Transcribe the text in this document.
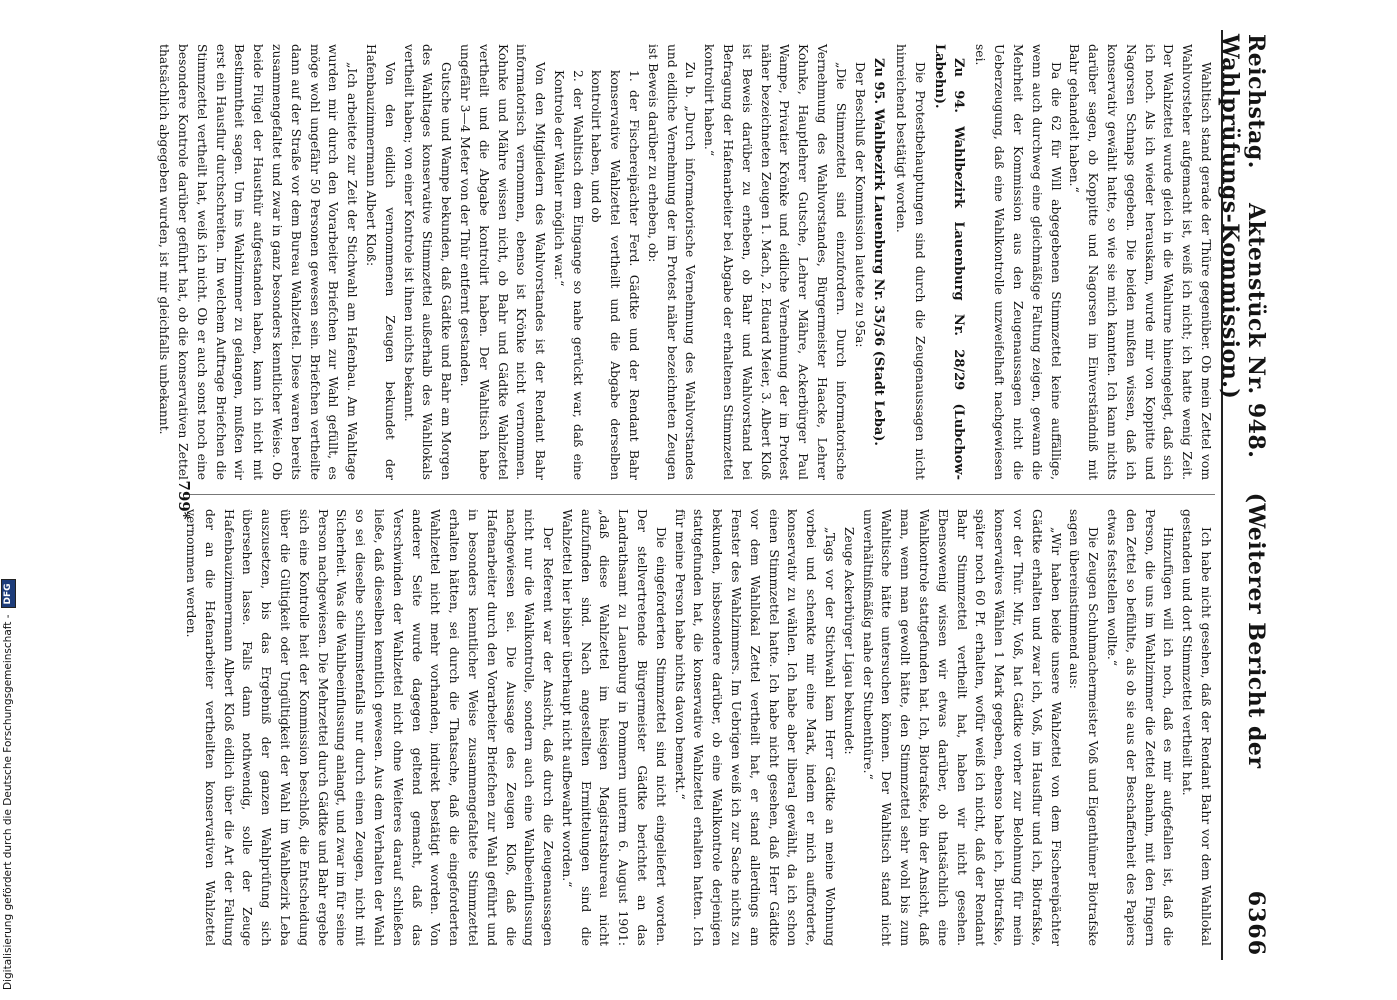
Reichstag. Aktenstück Nr. 948. (Weiterer Bericht der Wahlprüfungs-Kommission.)
6366

Wahltisch stand gerade der Thüre gegenüber. Ob mein Zettel vom Wahlvorsteher aufgemacht ist, weiß ich nicht; ich hatte wenig Zeit. Der Wahlzettel wurde gleich in die Wahlurne hineingelegt, daß sich ich noch. Als ich wieder herauskam, wurde mir von Koppitte und Nagorsen Schnaps gegeben. Die beiden mußten wissen, daß ich konservativ gewählt hatte, so wie sie mich kannten. Ich kann nichts darüber sagen, ob Koppitte und Nagorsen im Einverständniß mit Bahr gehandelt haben.“

Da die 62 für Will abgegebenen Stimmzettel keine auffällige, wenn auch durchweg eine gleichmäßige Faltung zeigen, gewann die Mehrheit der Kommission aus den Zeugenaussagen nicht die Ueberzeugung, daß eine Wahlkontrolle unzweifelhaft nachgewiesen sei.

Zu 94. Wahlbezirk Lauenburg Nr. 28/29 (Lubchow-Labehn).

Die Protestbehauptungen sind durch die Zeugenaussagen nicht hinreichend bestätigt worden.

Zu 95. Wahlbezirk Lauenburg Nr. 35/36 (Stadt Leba).

Der Beschluß der Kommission lautete zu 95a:

„Die Stimmzettel sind einzufordern. Durch informatorische Vernehmung des Wahlvorstandes, Bürgermeister Haacke, Lehrer Kohnke, Hauptlehrer Gutsche, Lehrer Mähre, Ackerbürger Paul Wampe, Privatier Krönke und eidliche Vernehmung der im Protest näher bezeichneten Zeugen 1. Mach, 2. Eduard Meier, 3. Albert Kloß ist Beweis darüber zu erheben, ob Bahr und Wahlvorstand bei Befragung der Hafenarbeiter bei Abgabe der erhaltenen Stimmzettel kontrolirt haben.“

Zu b. „Durch informatorische Vernehmung des Wahlvorstandes und eidliche Vernehmung der im Protest näher bezeichneten Zeugen ist Beweis darüber zu erheben, ob:

1. der Fischereipächter Ferd. Gädtke und der Rendant Bahr konservative Wahlzettel vertheilt und die Abgabe derselben kontrolirt haben, und ob

2. der Wahltisch dem Eingange so nahe gerückt war, daß eine Kontrole der Wähler möglich war.“

Von den Mitgliedern des Wahlvorstandes ist der Rendant Bahr informatorisch vernommen, ebenso ist Krönke nicht vernommen. Kohnke und Mähre wissen nicht, ob Bahr und Gädtke Wahlzettel vertheilt und die Abgabe kontrolirt haben. Der Wahltisch habe ungefähr 3—4 Meter von der Thür entfernt gestanden.

Gutsche und Wampe bekunden, daß Gädtke und Bahr am Morgen des Wahltages konservative Stimmzettel außerhalb des Wahllokals vertheilt haben; von einer Kontrole ist ihnen nichts bekannt.

Von den eidlich vernommenen Zeugen bekundet der Hafenbauzimmermann Albert Kloß:

„Ich arbeitete zur Zeit der Stichwahl am Hafenbau. Am Wahltage wurden mir durch den Vorarbeiter Briefchen zur Wahl gefüllt, es möge wohl ungefähr 50 Personen gewesen sein. Briefchen vertheilte dann auf der Straße vor dem Bureau Wahlzettel. Diese waren bereits zusammengefaltet und zwar in ganz besonders kenntlicher Weise. Ob beide Flügel der Hausthür aufgestanden haben, kann ich nicht mit Bestimmtheit sagen. Um ins Wahlzimmer zu gelangen, mußten wir erst ein Hausflur durchschreiten. Im welchem Auftrage Briefchen die Stimmzettel vertheilt hat, weiß ich nicht. Ob er auch sonst noch eine besondere Kontrole darüber geführt hat, ob die konservativen Zettel thatsächlich abgegeben wurden, ist mir gleichfalls unbekannt.

Ich habe nicht gesehen, daß der Rendant Bahr vor dem Wahllokal gestanden und dort Stimmzettel vertheilt hat.

Hinzufügen will ich noch, daß es mir aufgefallen ist, daß die Person, die uns im Wahlzimmer die Zettel abnahm, mit den Fingern den Zettel so befühlte, als ob sie aus der Beschaffenheit des Papiers etwas feststellen wollte.“

Die Zeugen Schuhmachermeister Voß und Eigenthümer Biotrafske sagen übereinstimmend aus:

„Wir haben beide unsere Wahlzettel von dem Fischereipächter Gädtke erhalten und zwar ich, Voß, im Hausflur und ich, Biotrafske, vor der Thür. Mir, Voß, hat Gädtke vorher zur Belohnung für mein konservatives Wählen 1 Mark gegeben, ebenso habe ich, Biotrafske, später noch 60 Pf. erhalten, wofür weiß ich nicht, daß der Rendant Bahr Stimmzettel vertheilt hat, haben wir nicht gesehen. Ebensowenig wissen wir etwas darüber, ob thatsächlich eine Wahlkontrole stattgefunden hat. Ich, Biotrafske, bin der Ansicht, daß man, wenn man gewollt hätte, den Stimmzettel sehr wohl bis zum Wahltische hätte untersuchen können. Der Wahltisch stand nicht unverhältnißmäßig nahe der Stubenthüre.“

Zeuge Ackerbürger Ligau bekundet:

„Tags vor der Stichwahl kam Herr Gädtke an meine Wohnung vorbei und schenkte mir eine Mark, indem er mich aufforderte, konservativ zu wählen. Ich habe aber liberal gewählt, da ich schon einen Stimmzettel hatte. Ich habe nicht gesehen, daß Herr Gädtke vor dem Wahllokal Zettel vertheilt hat, er stand allerdings am Fenster des Wahlzimmers. Im Uebrigen weiß ich zur Sache nichts zu bekunden, insbesondere darüber, ob eine Wahlkontrole derjenigen stattgefunden hat, die konservative Wahlzettel erhalten hatten. Ich für meine Person habe nichts davon bemerkt.“

Die eingeforderten Stimmzettel sind nicht eingeliefert worden. Der stellvertretende Bürgermeister Gädtke berichtet an das Landrathsamt zu Lauenburg in Pommern unterm 6. August 1901: „daß diese Wahlzettel im hiesigen Magistratsbureau nicht aufzufinden sind. Nach angestellten Ermittelungen sind die Wahlzettel hier bisher überhaupt nicht aufbewahrt worden.“

Der Referent war der Ansicht, daß durch die Zeugenaussagen nicht nur die Wahlkontrolle, sondern auch eine Wahlbeeinflussung nachgewiesen sei. Die Aussage des Zeugen Kloß, daß die Hafenarbeiter durch den Vorarbeiter Briefchen zur Wahl geführt und in besonders kenntlicher Weise zusammengefaltete Stimmzettel erhalten hätten, sei durch die Thatsache, daß die eingeforderten Wahlzettel nicht mehr vorhanden, indirekt bestätigt worden. Von anderer Seite wurde dagegen geltend gemacht, daß das Verschwinden der Wahlzettel nicht ohne Weiteres darauf schließen ließe, daß dieselben kenntlich gewesen. Aus dem Verhalten der Wahl so sei dieselbe schlimmstenfalls nur durch einen Zeugen, nicht mit Sicherheit. Was die Wahlbeeinflussung anlangt, und zwar im für seine Person nachgewiesen. Die Mehrzettel durch Gädtke und Bahr ergebe sich eine Kontrolle heit der Kommission beschloß, die Entscheidung über die Gültigkeit oder Ungültigkeit der Wahl im Wahlbezirk Leba auszusetzen, bis das Ergebniß der ganzen Wahlprüfung sich übersehen lasse. Falls dann nothwendig, solle der Zeuge Hafenbauzimmermann Albert Kloß eidlich über die Art der Faltung der an die Hafenarbeiter vertheilten konservativen Wahlzettel vernommen werden.

799*
Digitalisierung gefördert durch die Deutsche Forschungsgemeinschaft -
DFG
